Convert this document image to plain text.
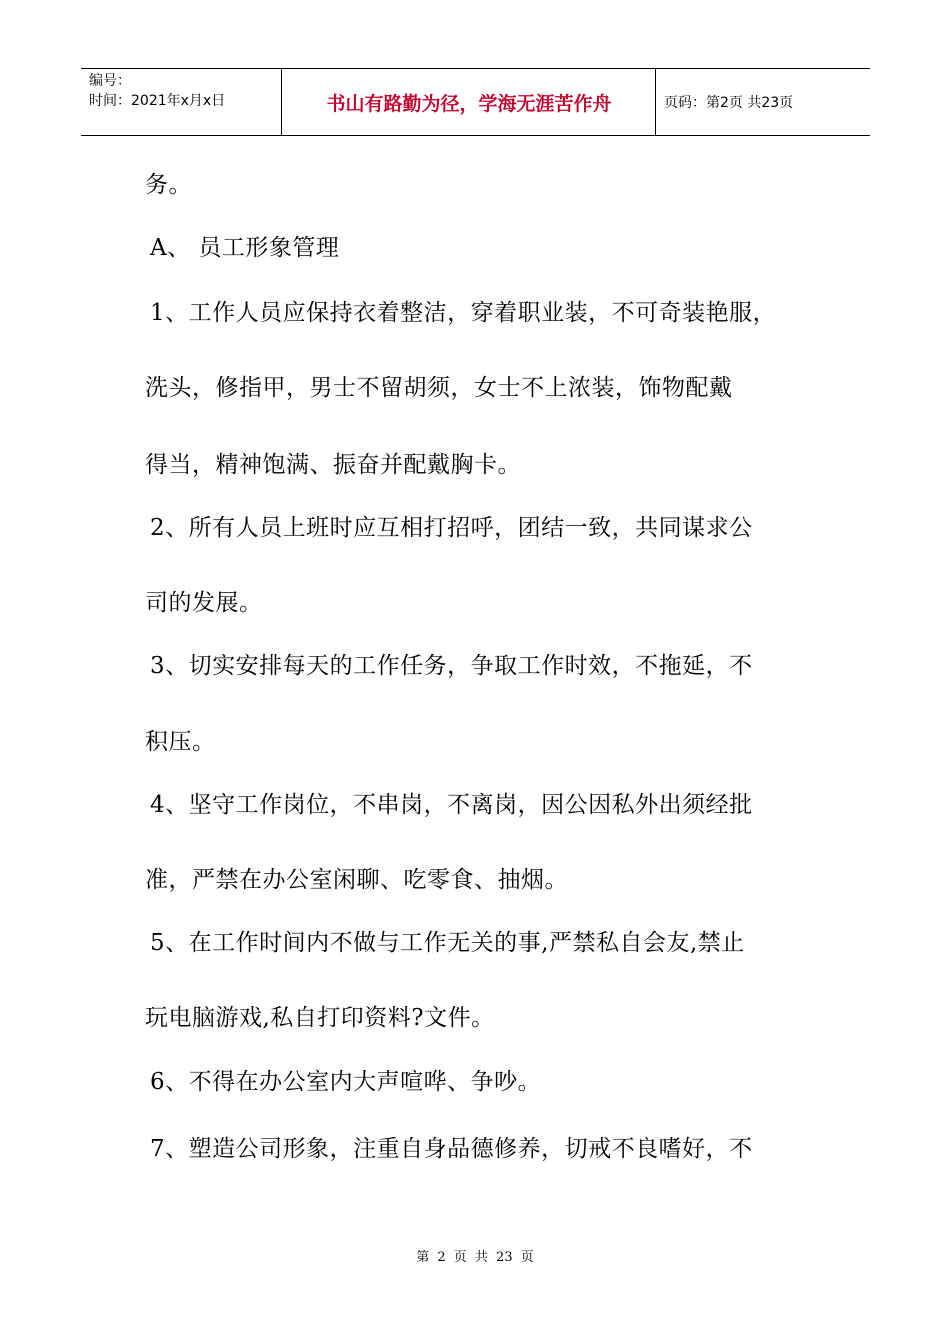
编号：
时间：2021年x月x日	书山有路勤为径，学海无涯苦作舟	页码：第2页 共23页
务。
A、 员工形象管理
1、工作人员应保持衣着整洁，穿着职业装，不可奇装艳服，
洗头，修指甲，男士不留胡须，女士不上浓装，饰物配戴
得当，精神饱满、振奋并配戴胸卡。
2、所有人员上班时应互相打招呼，团结一致，共同谋求公
司的发展。
3、切实安排每天的工作任务，争取工作时效，不拖延，不
积压。
4、坚守工作岗位，不串岗，不离岗，因公因私外出须经批
准，严禁在办公室闲聊、吃零食、抽烟。
5、在工作时间内不做与工作无关的事,严禁私自会友,禁止
玩电脑游戏,私自打印资料?文件。
6、不得在办公室内大声喧哗、争吵。
7、塑造公司形象，注重自身品德修养，切戒不良嗜好，不
第 2 页 共 23 页
